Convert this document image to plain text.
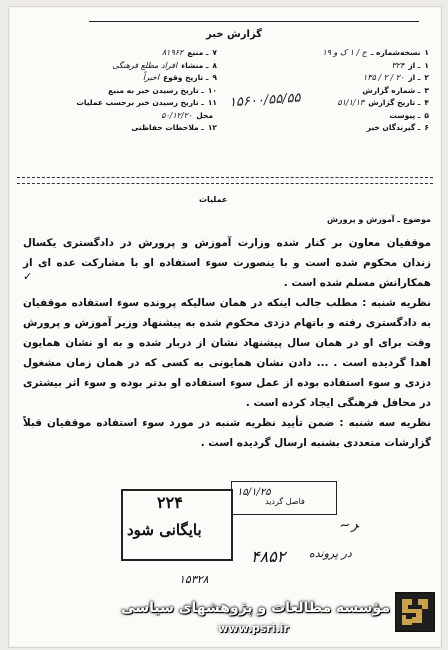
گزارش خبر
۱
نسخه‌شماره ـ
ج / ۱ ک و ۱۹
۱
ـ از
۳۲۴
۲
ـ از
۲۰ / ۲ / ۱۳۵
۳
ـ شماره گزارش
۴
ـ تاریخ گزارش
۵۱/۱/۱۳
۵
ـ پیوست
۶
ـ گیرندگان خبر
۷
ـ منبع
۸۱۹۶۲
۸
ـ منشاء
افراد مطلع فرهنگی
۹
ـ تاریخ وقوع
اخیراً
۱۰
ـ تاریخ رسیدن خبر به منبع
۱۱
ـ تاریخ رسیدن خبر برحسب عملیات
محل
۵۰/۱۲/۲۰
۱۲
ـ ملاحظات حفاظتی
۱۵۶۰۰/۵۵/۵۵
عملیات
موضوع ـ آموزش و پرورش

موقفیان معاون بر کنار شده وزارت آموزش و پرورش در دادگستری یکسال زندان محکوم شده است و با ینصورت سوء استفاده او با مشارکت عده ای از همکارانش مسلم شده است .

نظریه شنبه : مطلب جالب اینکه در همان سالیکه پرونده سوء استفاده موقفیان به دادگستری رفته و باتهام دزدی محکوم شده به پیشنهاد وزیر آموزش و پرورش وقت برای او در همان سال پیشنهاد نشان از دربار شده و به او نشان همایون اهدا گردیده است . ... دادن نشان همایونی به کسی که در همان زمان مشغول دزدی و سوء استفاده بوده از عمل سوء استفاده او بدتر بوده و سوء اثر بیشتری در محافل فرهنگی ایجاد کرده است .

نظریه سه شنبه : ضمن تأیید نظریه شنبه در مورد سوء استفاده موقفیان قبلاً گزارشات متعددی بشنبه ارسال گردیده است .

✓
۲۲۴
بایگانی شود
۱۵/۱/۲۵
فاصل گردید
~ﺮ
در پرونده
۴۸۵۲
۱۵۳۲۸
مؤسسه مطالعات و پژوهشهای سیاسی
www.psri.ir
